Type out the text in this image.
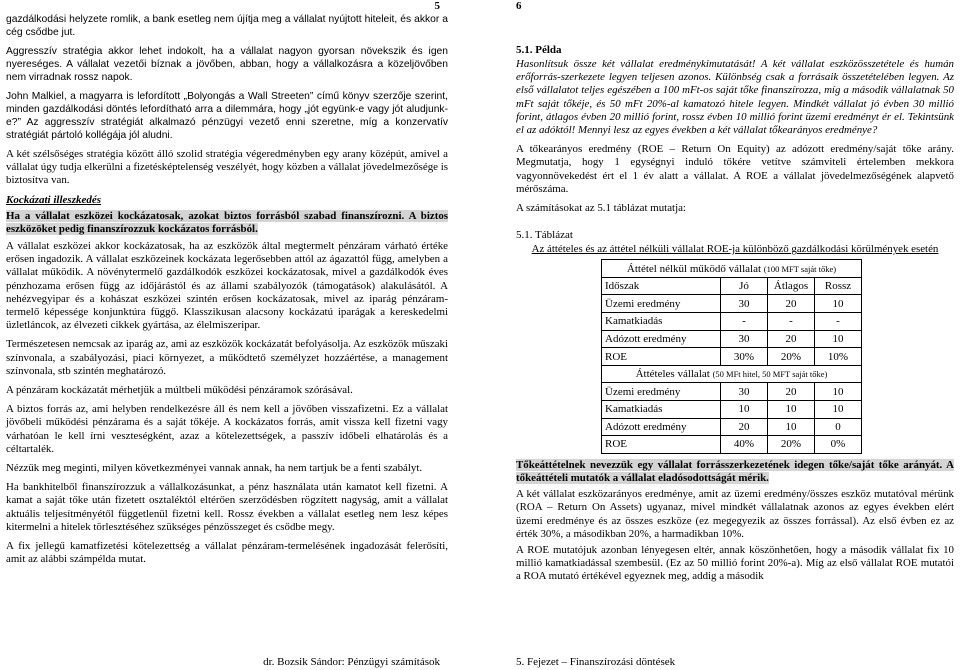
5

gazdálkodási helyzete romlik, a bank esetleg nem újítja meg a vállalat nyújtott hiteleit, és akkor a cég csődbe jut.

Aggresszív stratégia akkor lehet indokolt, ha a vállalat nagyon gyorsan növekszik és igen nyereséges. A vállalat vezetői bíznak a jövőben, abban, hogy a vállalkozásra a közeljövőben nem virradnak rossz napok.

John Malkiel, a magyarra is lefordított „Bolyongás a Wall Streeten” című könyv szerzője szerint, minden gazdálkodási döntés lefordítható arra a dilemmára, hogy „jót együnk-e vagy jót aludjunk-e?” Az aggresszív stratégiát alkalmazó pénzügyi vezető enni szeretne, míg a konzervatív stratégiát pártoló kollégája jól aludni.

A két szélsőséges stratégia között álló szolid stratégia végeredményben egy arany középút, amivel a vállalat úgy tudja elkerülni a fizetésképtelenség veszélyét, hogy közben a vállalat jövedelmezősége is biztosítva van.

Kockázati illeszkedés

Ha a vállalat eszközei kockázatosak, azokat biztos forrásból szabad finanszírozni. A biztos eszközöket pedig finanszírozzuk kockázatos forrásból.

A vállalat eszközei akkor kockázatosak, ha az eszközök által megtermelt pénzáram várható értéke erősen ingadozik. A vállalat eszközeinek kockázata legerősebben attól az ágazattól függ, amelyben a vállalat működik. A növénytermelő gazdálkodók eszközei kockázatosak, mivel a gazdálkodók éves pénzhozama erősen függ az időjárástól és az állami szabályozók (támogatások) alakulásától. A nehézvegyipar és a kohászat eszközei szintén erősen kockázatosak, mivel az iparág pénzáram-termelő képessége konjunktúra függő. Klasszikusan alacsony kockázatú iparágak a kereskedelmi üzletláncok, az élvezeti cikkek gyártása, az élelmiszeripar.

Természetesen nemcsak az iparág az, ami az eszközök kockázatát befolyásolja. Az eszközök műszaki színvonala, a szabályozási, piaci környezet, a működtető személyzet hozzáértése, a management színvonala, stb szintén meghatározó.

A pénzáram kockázatát mérhetjük a múltbeli működési pénzáramok szórásával.

A biztos forrás az, ami helyben rendelkezésre áll és nem kell a jövőben visszafizetni. Ez a vállalat jövőbeli működési pénzárama és a saját tőkéje. A kockázatos forrás, amit vissza kell fizetni vagy várhatóan le kell írni veszteségként, azaz a kötelezettségek, a passzív időbeli elhatárolás és a céltartalék.

Nézzük meg meginti, milyen következményei vannak annak, ha nem tartjuk be a fenti szabályt.

Ha bankhitelből finanszírozzuk a vállalkozásunkat, a pénz használata után kamatot kell fizetni. A kamat a saját tőke után fizetett osztaléktól eltérően szerződésben rögzített nagyság, amit a vállalat aktuális teljesítményétől függetlenül fizetni kell. Rossz években a vállalat esetleg nem lesz képes kitermelni a hitelek törlesztéséhez szükséges pénzösszeget és csődbe megy.

A fix jellegű kamatfizetési kötelezettség a vállalat pénzáram-termelésének ingadozását felerősíti, amit az alábbi számpélda mutat.

dr. Bozsik Sándor: Pénzügyi számítások
6
5.1. Példa

Hasonlítsuk össze két vállalat eredménykimutatását! A két vállalat eszközösszetétele és humán erőforrás-szerkezete legyen teljesen azonos. Különbség csak a forrásaik összetételében legyen. Az első vállalatot teljes egészében a 100 mFt-os saját tőke finanszírozza, míg a második vállalatnak 50 mFt saját tőkéje, és 50 mFt 20%-al kamatozó hitele legyen. Mindkét vállalat jó évben 30 millió forint, átlagos évben 20 millió forint, rossz évben 10 millió forint üzemi eredményt ér el. Tekintsünk el az adóktól! Mennyi lesz az egyes években a két vállalat tőkearányos eredménye?

A tőkearányos eredmény (ROE – Return On Equity) az adózott eredmény/saját tőke arány. Megmutatja, hogy 1 egységnyi induló tőkére vetítve számviteli értelemben mekkora vagyonnövekedést ért el 1 év alatt a vállalat. A ROE a vállalat jövedelmezőségének alapvető mérőszáma.

A számításokat az 5.1 táblázat mutatja:

5.1. Táblázat
Az áttételes és az áttétel nélküli vállalat ROE-ja különböző gazdálkodási körülmények esetén
Áttétel nélkül működő vállalat (100 MFT saját tőke)			
Időszak	Jó	Átlagos	Rossz
Üzemi eredmény	30	20	10
Kamatkiadás	-	-	-
Adózott eredmény	30	20	10
ROE	30%	20%	10%
Áttételes vállalat (50 MFt hitel, 50 MFT saját tőke)			
Üzemi eredmény	30	20	10
Kamatkiadás	10	10	10
Adózott eredmény	20	10	0
ROE	40%	20%	0%

Tőkeáttételnek nevezzük egy vállalat forrásszerkezetének idegen tőke/saját tőke arányát. A tőkeáttételi mutatók a vállalat eladósodottságát mérik.

A két vállalat eszközarányos eredménye, amit az üzemi eredmény/összes eszköz mutatóval mérünk (ROA – Return On Assets) ugyanaz, mivel mindkét vállalatnak azonos az egyes években elért üzemi eredménye és az összes eszköze (ez megegyezik az összes forrással). Az első évben ez az érték 30%, a másodikban 20%, a harmadikban 10%.

A ROE mutatójuk azonban lényegesen eltér, annak köszönhetően, hogy a második vállalat fix 10 millió kamatkiadással szembesül. (Ez az 50 millió forint 20%-a). Míg az első vállalat ROE mutatói a ROA mutató értékével egyeznek meg, addig a második

5. Fejezet – Finanszírozási döntések
